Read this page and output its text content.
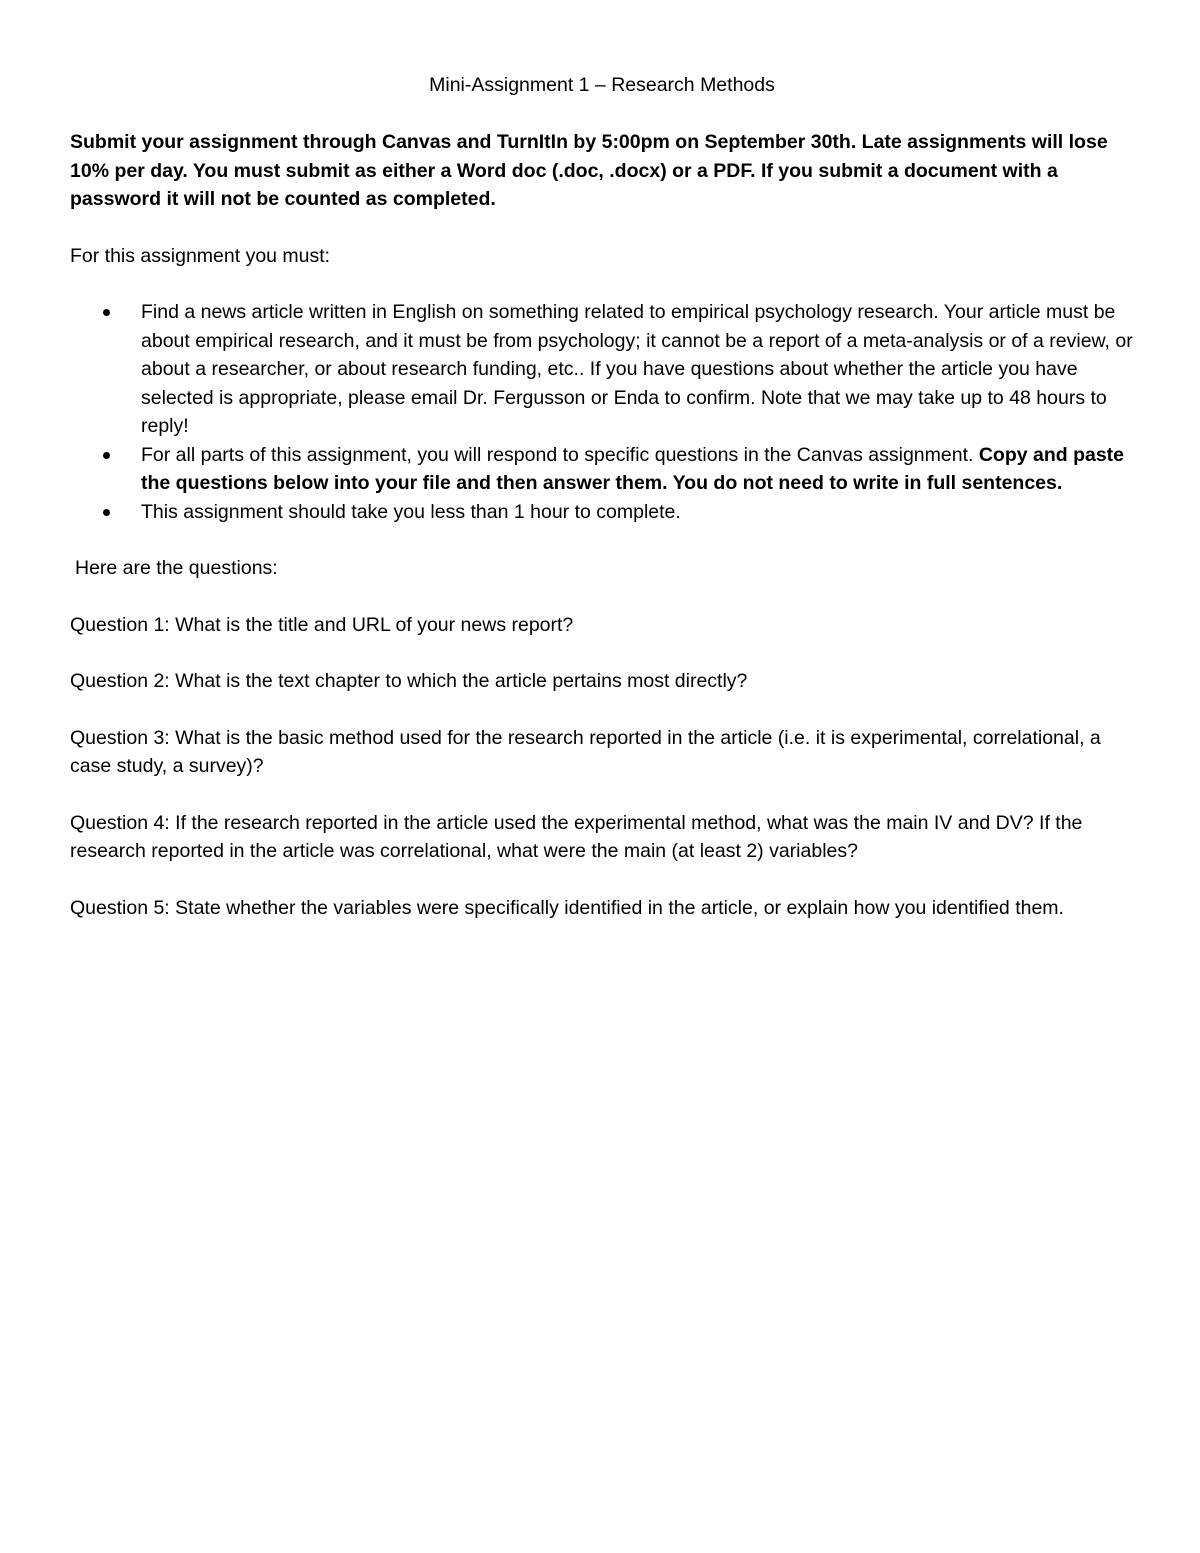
Mini-Assignment 1 – Research Methods
Submit your assignment through Canvas and TurnItIn by 5:00pm on September 30th. Late assignments will lose 10% per day. You must submit as either a Word doc (.doc, .docx) or a PDF. If you submit a document with a password it will not be counted as completed.
For this assignment you must:
Find a news article written in English on something related to empirical psychology research. Your article must be about empirical research, and it must be from psychology; it cannot be a report of a meta-analysis or of a review, or about a researcher, or about research funding, etc.. If you have questions about whether the article you have selected is appropriate, please email Dr. Fergusson or Enda to confirm. Note that we may take up to 48 hours to reply!
For all parts of this assignment, you will respond to specific questions in the Canvas assignment. Copy and paste the questions below into your file and then answer them. You do not need to write in full sentences.
This assignment should take you less than 1 hour to complete.
Here are the questions:
Question 1: What is the title and URL of your news report?
Question 2: What is the text chapter to which the article pertains most directly?
Question 3: What is the basic method used for the research reported in the article (i.e. it is experimental, correlational, a case study, a survey)?
Question 4: If the research reported in the article used the experimental method, what was the main IV and DV? If the research reported in the article was correlational, what were the main (at least 2) variables?
Question 5: State whether the variables were specifically identified in the article, or explain how you identified them.
